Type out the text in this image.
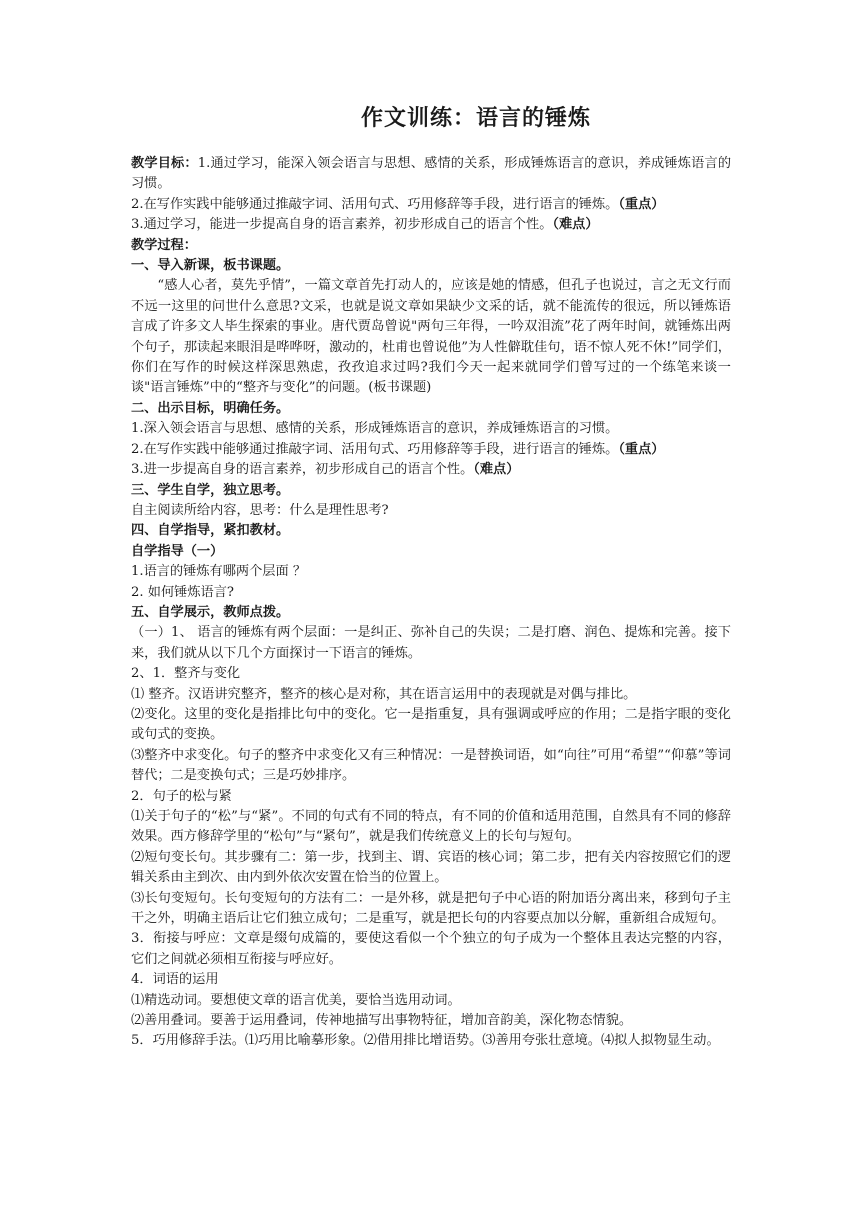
作文训练：语言的锤炼

教学目标：1.通过学习，能深入领会语言与思想、感情的关系，形成锤炼语言的意识，养成锤炼语言的习惯。

2.在写作实践中能够通过推敲字词、活用句式、巧用修辞等手段，进行语言的锤炼。（重点）

3.通过学习，能进一步提高自身的语言素养，初步形成自己的语言个性。（难点）

教学过程：

一、导入新课，板书课题。

“感人心者，莫先乎情”，一篇文章首先打动人的，应该是她的情感，但孔子也说过，言之无文行而不远一这里的问世什么意思?文采，也就是说文章如果缺少文采的话，就不能流传的很远，所以锤炼语言成了许多文人毕生探索的事业。唐代贾岛曾说"两句三年得，一吟双泪流”花了两年时间，就锤炼出两个句子，那读起来眼泪是哗哗呀，激动的，杜甫也曾说他”为人性僻耽佳句，语不惊人死不休!”同学们，你们在写作的时候这样深思熟虑，孜孜追求过吗?我们今天一起来就同学们曾写过的一个练笔来谈一谈"语言锤炼”中的“整齐与变化”的问题。(板书课题)

二、出示目标，明确任务。

1.深入领会语言与思想、感情的关系，形成锤炼语言的意识，养成锤炼语言的习惯。

2.在写作实践中能够通过推敲字词、活用句式、巧用修辞等手段，进行语言的锤炼。（重点）

3.进一步提高自身的语言素养，初步形成自己的语言个性。（难点）

三、学生自学，独立思考。

自主阅读所给内容，思考：什么是理性思考?

四、自学指导，紧扣教材。

自学指导（一）

1.语言的锤炼有哪两个层面 ？

2. 如何锤炼语言?

五、自学展示，教师点拨。

（一）1、 语言的锤炼有两个层面：一是纠正、弥补自己的失误；二是打磨、润色、提炼和完善。接下来，我们就从以下几个方面探讨一下语言的锤炼。

2、1．整齐与变化

⑴ 整齐。汉语讲究整齐，整齐的核心是对称，其在语言运用中的表现就是对偶与排比。

⑵变化。这里的变化是指排比句中的变化。它一是指重复，具有强调或呼应的作用；二是指字眼的变化或句式的变换。

⑶整齐中求变化。句子的整齐中求变化又有三种情况：一是替换词语，如“向往”可用“希望”“仰慕”等词替代；二是变换句式；三是巧妙排序。

2．句子的松与紧

⑴关于句子的“松”与“紧”。不同的句式有不同的特点，有不同的价值和适用范围，自然具有不同的修辞效果。西方修辞学里的“松句”与“紧句”，就是我们传统意义上的长句与短句。

⑵短句变长句。其步骤有二：第一步，找到主、谓、宾语的核心词；第二步，把有关内容按照它们的逻辑关系由主到次、由内到外依次安置在恰当的位置上。

⑶长句变短句。长句变短句的方法有二：一是外移，就是把句子中心语的附加语分离出来，移到句子主干之外，明确主语后让它们独立成句；二是重写，就是把长句的内容要点加以分解，重新组合成短句。

3．衔接与呼应：文章是缀句成篇的，要使这看似一个个独立的句子成为一个整体且表达完整的内容，它们之间就必须相互衔接与呼应好。

4．词语的运用

⑴精选动词。要想使文章的语言优美，要恰当选用动词。

⑵善用叠词。要善于运用叠词，传神地描写出事物特征，增加音韵美，深化物态情貌。

5．巧用修辞手法。⑴巧用比喻摹形象。⑵借用排比增语势。⑶善用夸张壮意境。⑷拟人拟物显生动。
